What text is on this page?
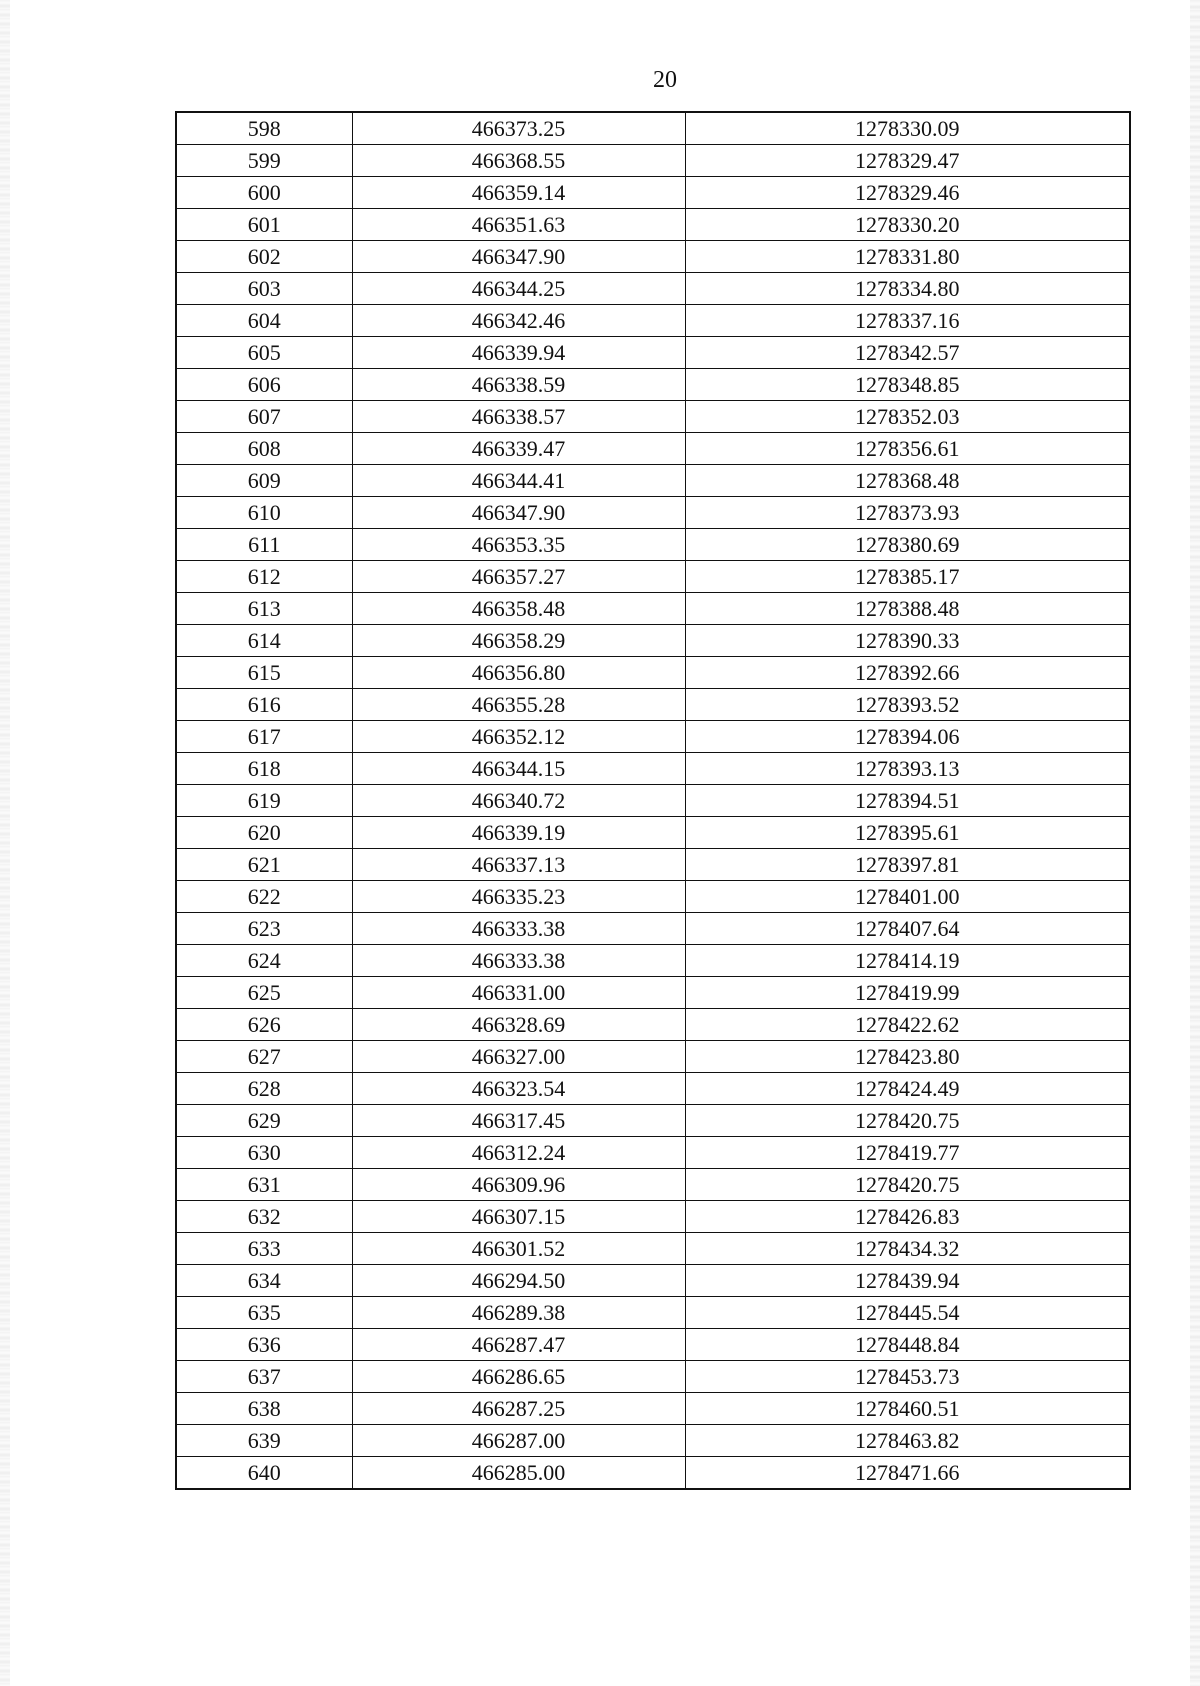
20
598	466373.25	1278330.09
599	466368.55	1278329.47
600	466359.14	1278329.46
601	466351.63	1278330.20
602	466347.90	1278331.80
603	466344.25	1278334.80
604	466342.46	1278337.16
605	466339.94	1278342.57
606	466338.59	1278348.85
607	466338.57	1278352.03
608	466339.47	1278356.61
609	466344.41	1278368.48
610	466347.90	1278373.93
611	466353.35	1278380.69
612	466357.27	1278385.17
613	466358.48	1278388.48
614	466358.29	1278390.33
615	466356.80	1278392.66
616	466355.28	1278393.52
617	466352.12	1278394.06
618	466344.15	1278393.13
619	466340.72	1278394.51
620	466339.19	1278395.61
621	466337.13	1278397.81
622	466335.23	1278401.00
623	466333.38	1278407.64
624	466333.38	1278414.19
625	466331.00	1278419.99
626	466328.69	1278422.62
627	466327.00	1278423.80
628	466323.54	1278424.49
629	466317.45	1278420.75
630	466312.24	1278419.77
631	466309.96	1278420.75
632	466307.15	1278426.83
633	466301.52	1278434.32
634	466294.50	1278439.94
635	466289.38	1278445.54
636	466287.47	1278448.84
637	466286.65	1278453.73
638	466287.25	1278460.51
639	466287.00	1278463.82
640	466285.00	1278471.66
